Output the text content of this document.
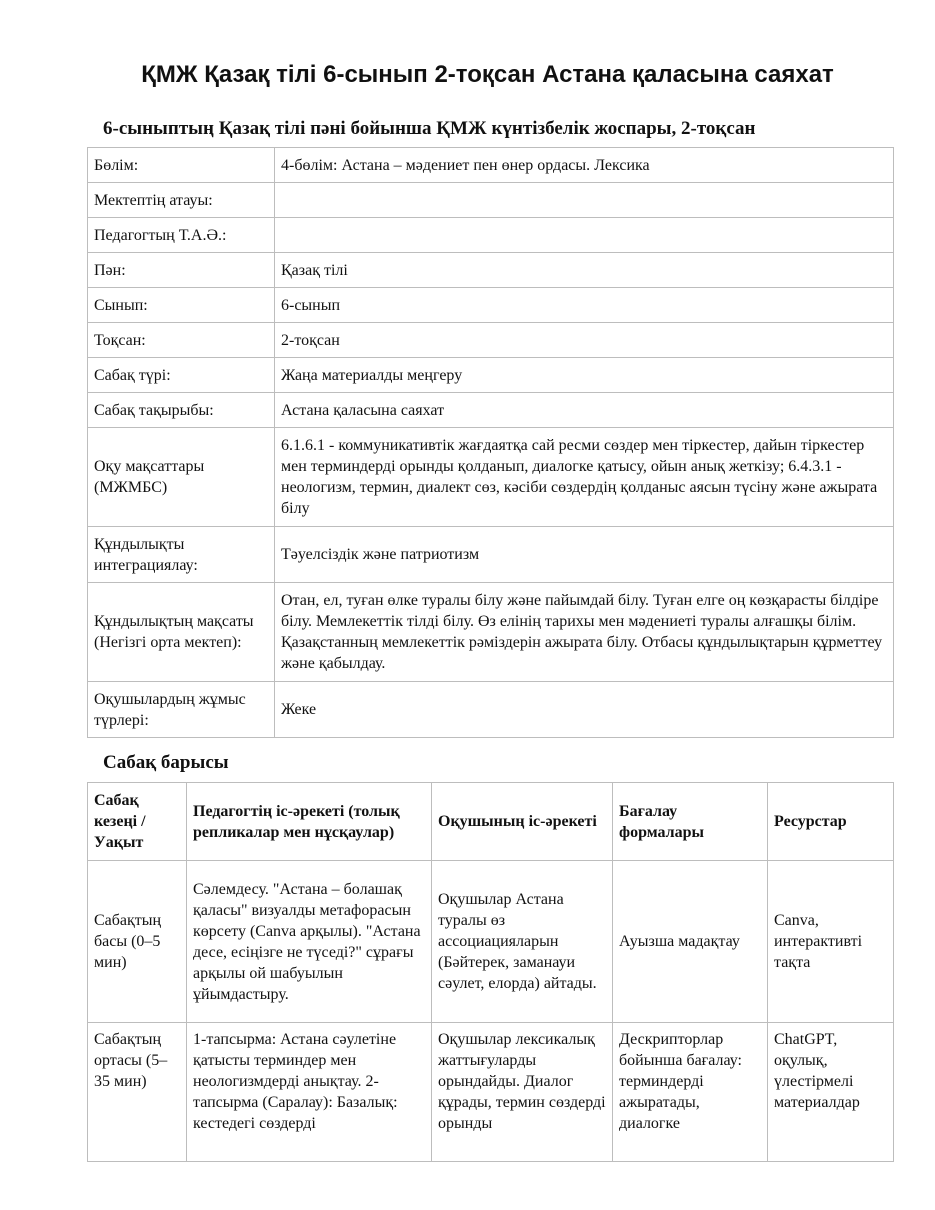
ҚМЖ Қазақ тілі 6-сынып 2-тоқсан Астана қаласына саяхат
6-сыныптың Қазақ тілі пәні бойынша ҚМЖ күнтізбелік жоспары, 2-тоқсан
Бөлім:	4-бөлім: Астана – мәдениет пен өнер ордасы. Лексика
Мектептің атауы:	
Педагогтың Т.А.Ә.:	
Пән:	Қазақ тілі
Сынып:	6-сынып
Тоқсан:	2-тоқсан
Сабақ түрі:	Жаңа материалды меңгеру
Сабақ тақырыбы:	Астана қаласына саяхат
Оқу мақсаттары (МЖМБС)	6.1.6.1 - коммуникативтік жағдаятқа сай ресми сөздер мен тіркестер, дайын тіркестер мен терминдерді орынды қолданып, диалогке қатысу, ойын анық жеткізу; 6.4.3.1 - неологизм, термин, диалект сөз, кәсіби сөздердің қолданыс аясын түсіну және ажырата білу
Құндылықты интеграциялау:	Тәуелсіздік және патриотизм
Құндылықтың мақсаты (Негізгі орта мектеп):	Отан, ел, туған өлке туралы білу және пайымдай білу. Туған елге оң көзқарасты білдіре білу. Мемлекеттік тілді білу. Өз елінің тарихы мен мәдениеті туралы алғашқы білім. Қазақстанның мемлекеттік рәміздерін ажырата білу. Отбасы құндылықтарын құрметтеу және қабылдау.
Оқушылардың жұмыс түрлері:	Жеке
Сабақ барысы
Сабақ кезеңі / Уақыт	Педагогтің іс-әрекеті (толық репликалар мен нұсқаулар)	Оқушының іс-әрекеті	Бағалау формалары	Ресурстар
Сабақтың басы (0–5 мин)	Сәлемдесу. "Астана – болашақ қаласы" визуалды метафорасын көрсету (Canva арқылы). "Астана десе, есіңізге не түседі?" сұрағы арқылы ой шабуылын ұйымдастыру.	Оқушылар Астана туралы өз ассоциацияларын (Бәйтерек, заманауи сәулет, елорда) айтады.	Ауызша мадақтау	Canva, интерактивті тақта

Сабақтың ортасы (5–35 мин)	1-тапсырма: Астана сәулетіне қатысты терминдер мен неологизмдерді анықтау. 2-тапсырма (Саралау): Базалық: кестедегі сөздерді	Оқушылар лексикалық жаттығуларды орындайды. Диалог құрады, термин сөздерді орынды	Дескрипторлар бойынша бағалау: терминдерді ажыратады, диалогке	ChatGPT, оқулық, үлестірмелі материалдар
